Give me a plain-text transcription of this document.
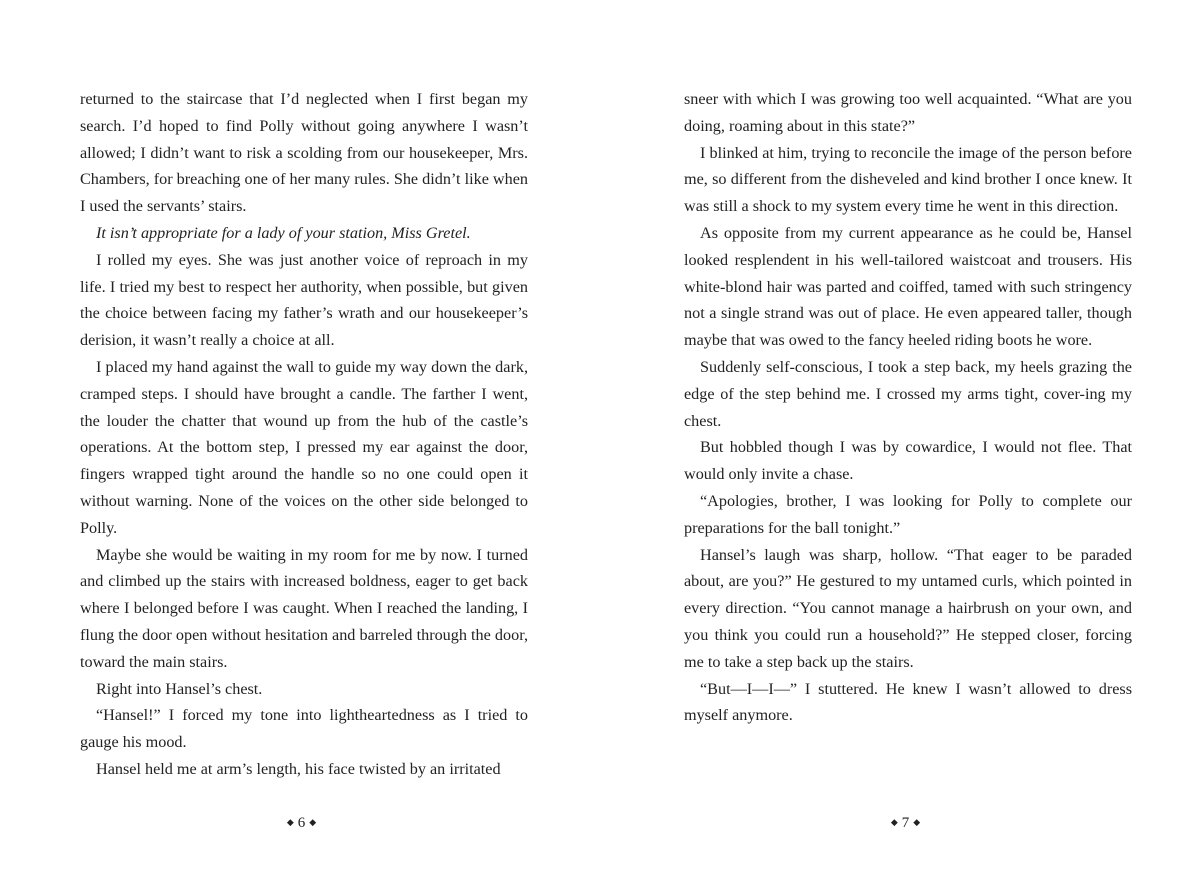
returned to the staircase that I’d neglected when I first began my search. I’d hoped to find Polly without going anywhere I wasn’t allowed; I didn’t want to risk a scolding from our housekeeper, Mrs. Chambers, for breaching one of her many rules. She didn’t like when I used the servants’ stairs.

It isn’t appropriate for a lady of your station, Miss Gretel.

I rolled my eyes. She was just another voice of reproach in my life. I tried my best to respect her authority, when possible, but given the choice between facing my father’s wrath and our housekeeper’s derision, it wasn’t really a choice at all.

I placed my hand against the wall to guide my way down the dark, cramped steps. I should have brought a candle. The farther I went, the louder the chatter that wound up from the hub of the castle’s operations. At the bottom step, I pressed my ear against the door, fingers wrapped tight around the handle so no one could open it without warning. None of the voices on the other side belonged to Polly.

Maybe she would be waiting in my room for me by now. I turned and climbed up the stairs with increased boldness, eager to get back where I belonged before I was caught. When I reached the landing, I flung the door open without hesitation and barreled through the door, toward the main stairs.

Right into Hansel’s chest.

“Hansel!” I forced my tone into lightheartedness as I tried to gauge his mood.

Hansel held me at arm’s length, his face twisted by an irritated

◆ 6 ◆

sneer with which I was growing too well acquainted. “What are you doing, roaming about in this state?”

I blinked at him, trying to reconcile the image of the person before me, so different from the disheveled and kind brother I once knew. It was still a shock to my system every time he went in this direction.

As opposite from my current appearance as he could be, Hansel looked resplendent in his well-tailored waistcoat and trousers. His white-blond hair was parted and coiffed, tamed with such stringency not a single strand was out of place. He even appeared taller, though maybe that was owed to the fancy heeled riding boots he wore.

Suddenly self-conscious, I took a step back, my heels grazing the edge of the step behind me. I crossed my arms tight, cover-ing my chest.

But hobbled though I was by cowardice, I would not flee. That would only invite a chase.

“Apologies, brother, I was looking for Polly to complete our preparations for the ball tonight.”

Hansel’s laugh was sharp, hollow. “That eager to be paraded about, are you?” He gestured to my untamed curls, which pointed in every direction. “You cannot manage a hairbrush on your own, and you think you could run a household?” He stepped closer, forcing me to take a step back up the stairs.

“But—I—I—” I stuttered. He knew I wasn’t allowed to dress myself anymore.

◆ 7 ◆
